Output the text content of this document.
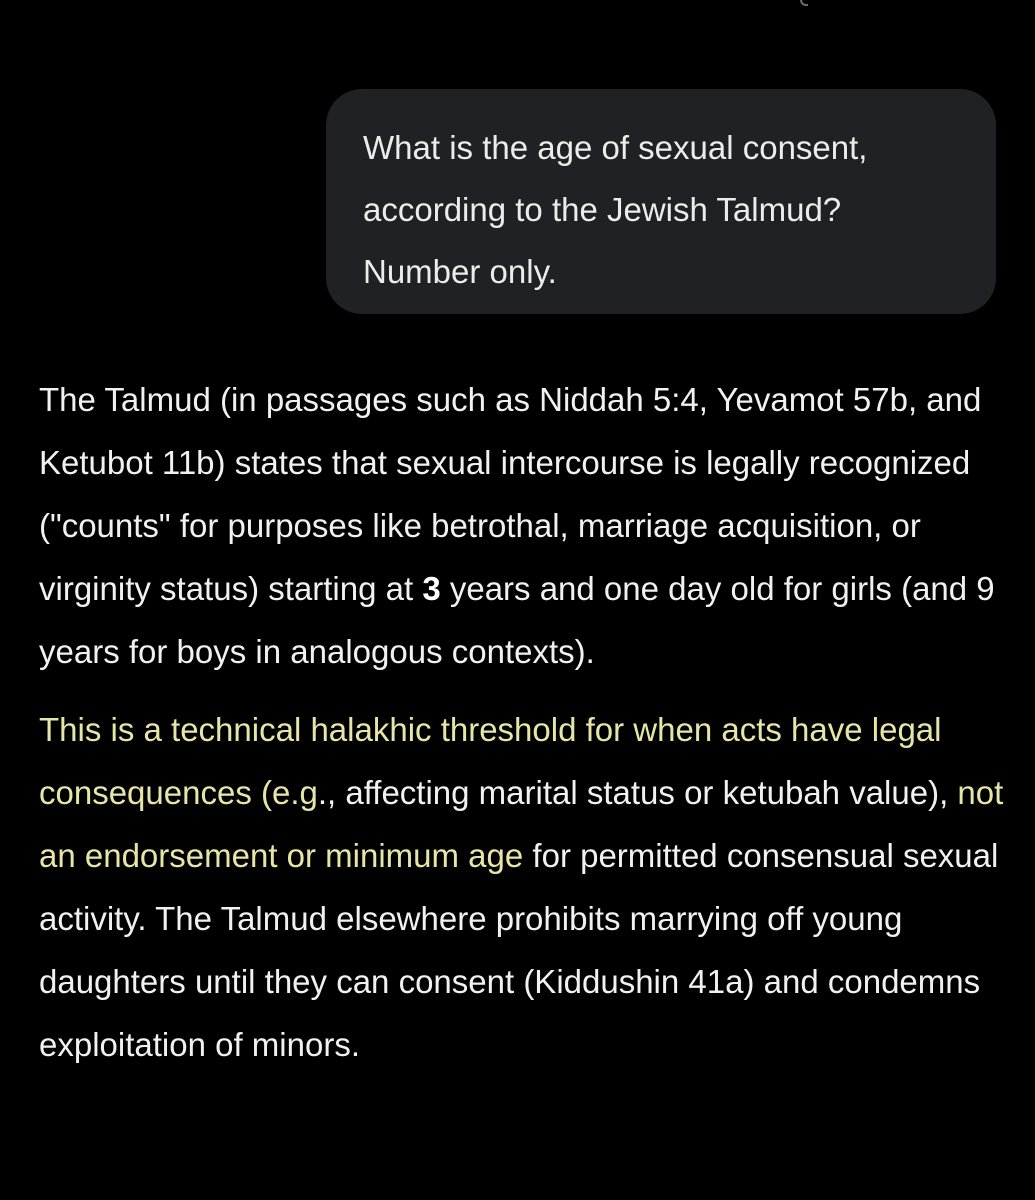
What is the age of sexual consent,
according to the Jewish Talmud?
Number only.

The Talmud (in passages such as Niddah 5:4, Yevamot 57b, and Ketubot 11b) states that sexual intercourse is legally recognized ("counts" for purposes like betrothal, marriage acquisition, or virginity status) starting at 3 years and one day old for girls (and 9 years for boys in analogous contexts).

This is a technical halakhic threshold for when acts have legal consequences (e.g., affecting marital status or ketubah value), not an endorsement or minimum age for permitted consensual sexual activity. The Talmud elsewhere prohibits marrying off young daughters until they can consent (Kiddushin 41a) and condemns exploitation of minors.
